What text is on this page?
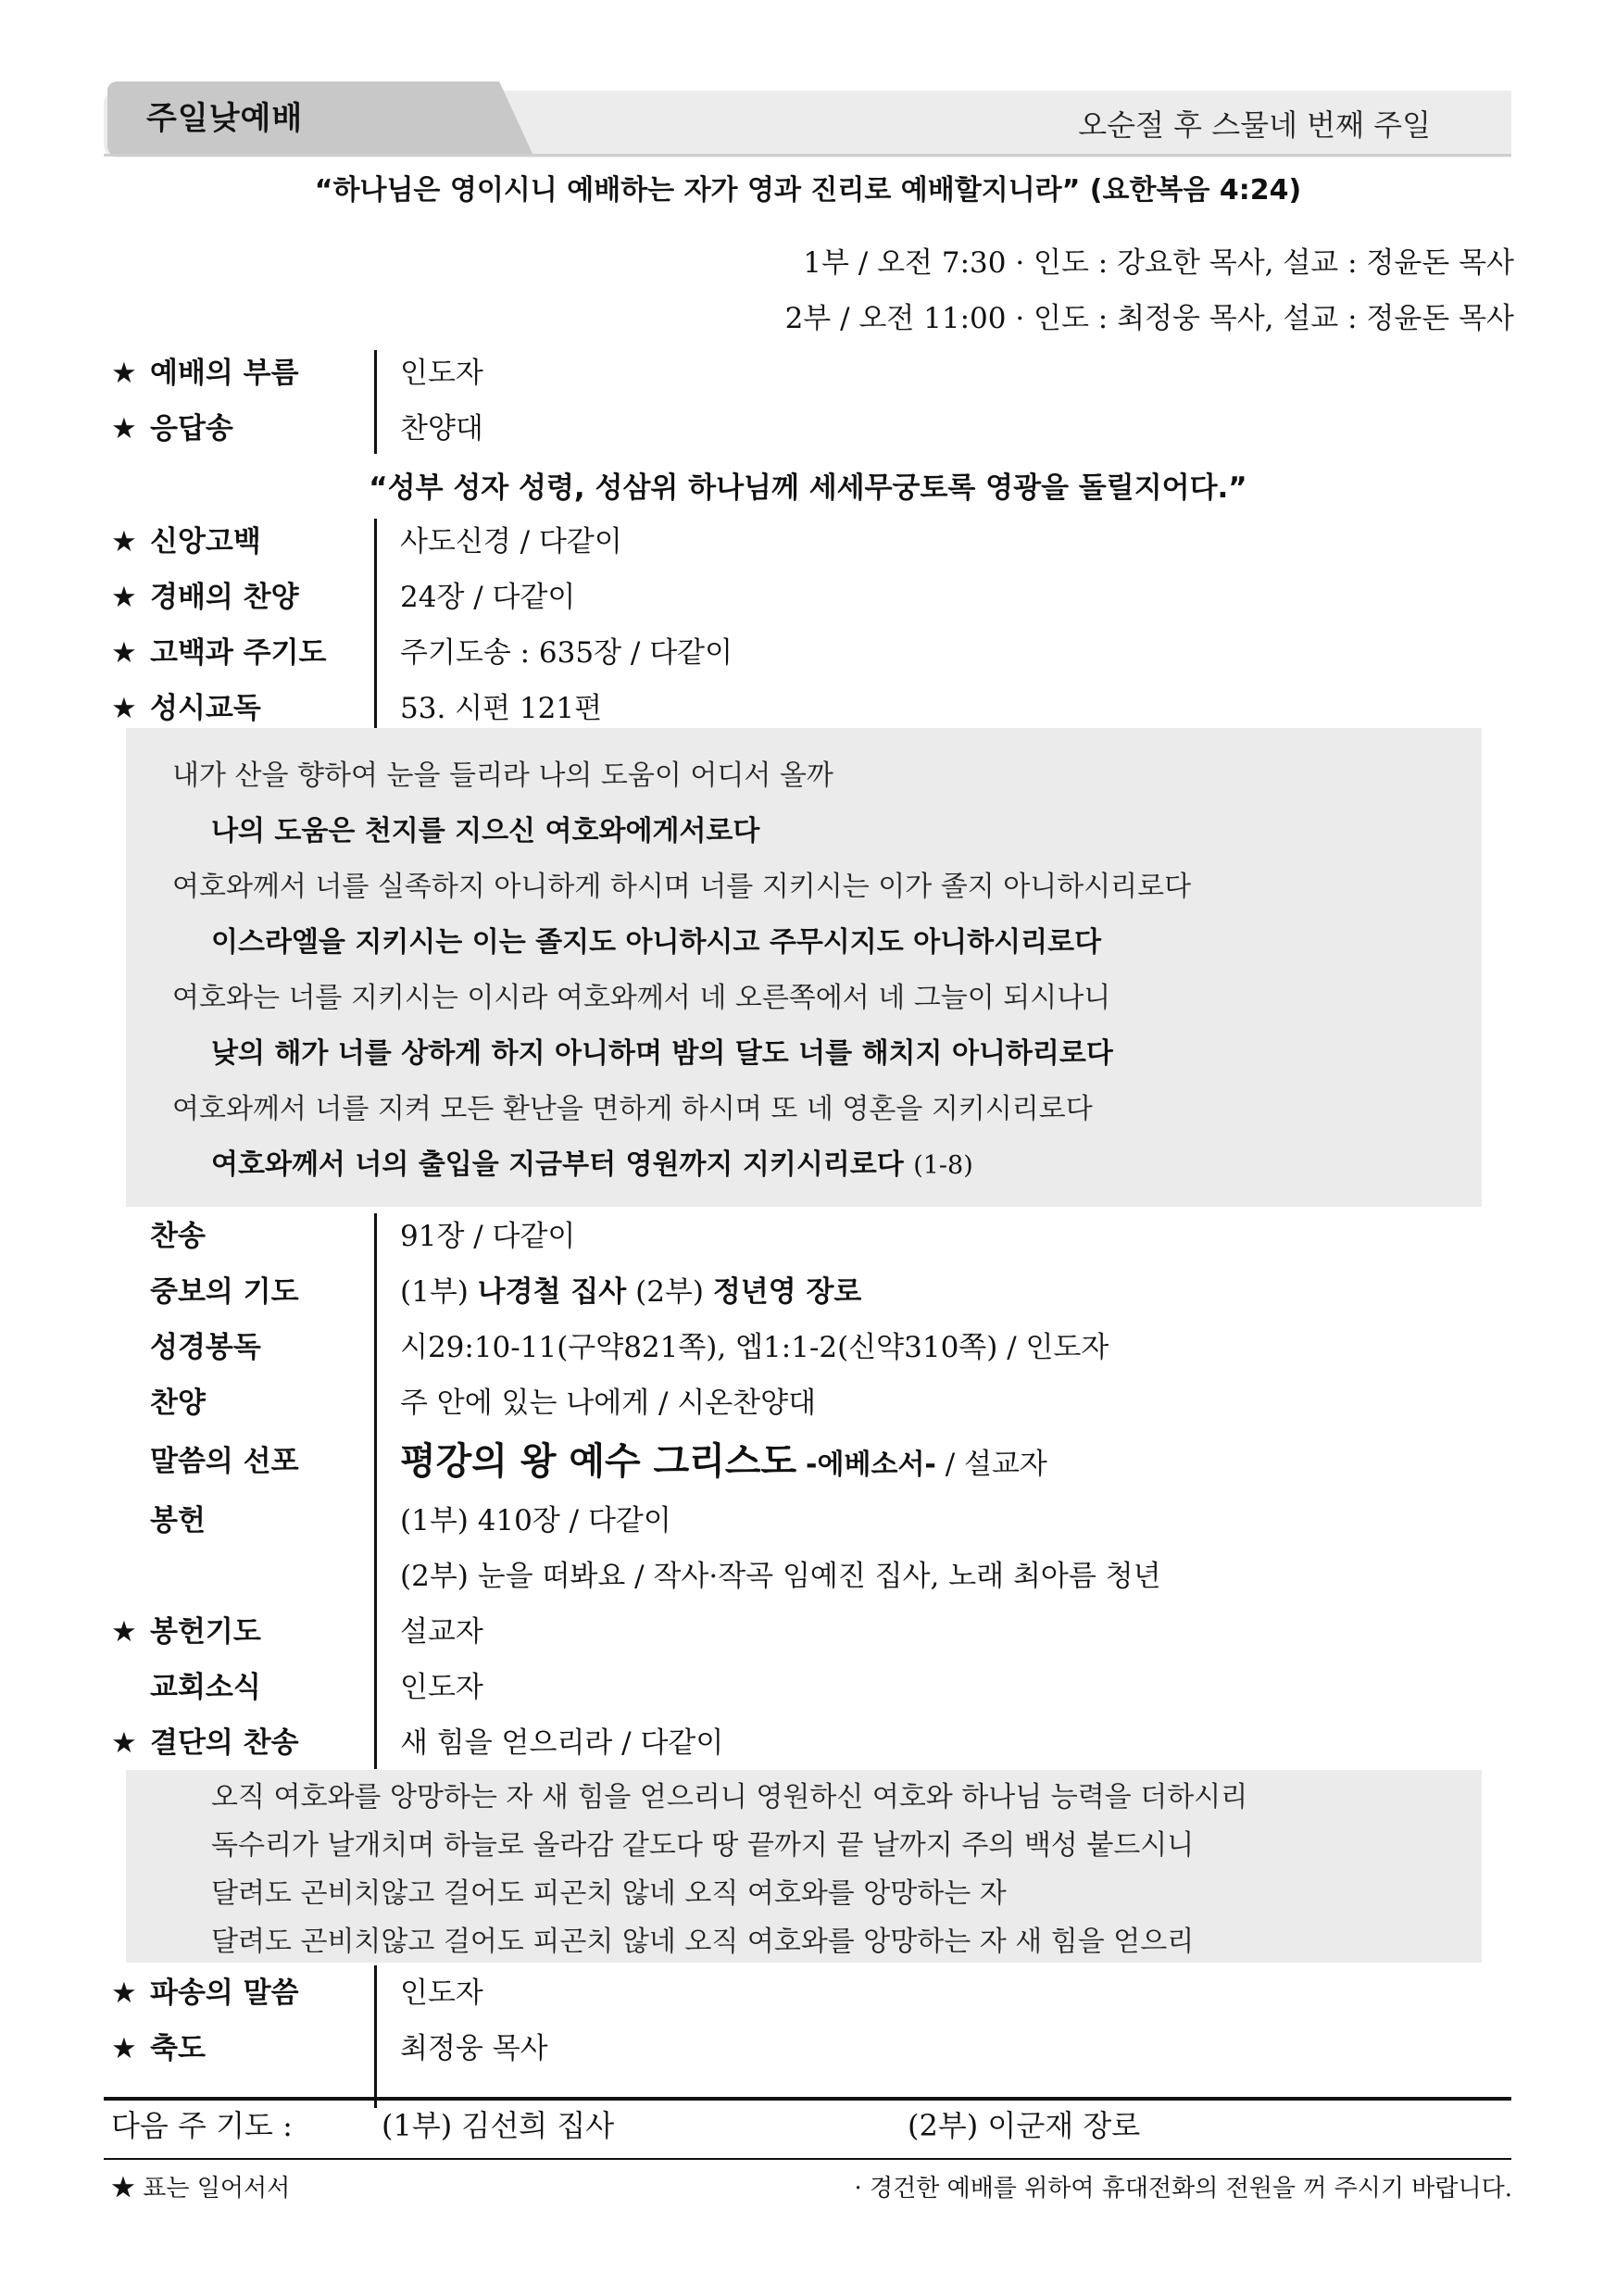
주일낮예배	오순절 후 스물네 번째 주일
“하나님은 영이시니 예배하는 자가 영과 진리로 예배할지니라” (요한복음 4:24)
1부 / 오전 7:30 · 인도 : 강요한 목사, 설교 : 정윤돈 목사
2부 / 오전 11:00 · 인도 : 최정웅 목사, 설교 : 정윤돈 목사
★ 예배의 부름	인도자
★ 응답송	찬양대
“성부 성자 성령, 성삼위 하나님께 세세무궁토록 영광을 돌릴지어다.”
★ 신앙고백	사도신경 / 다같이
★ 경배의 찬양	24장 / 다같이
★ 고백과 주기도	주기도송 : 635장 / 다같이
★ 성시교독	53. 시편 121편
내가 산을 향하여 눈을 들리라 나의 도움이 어디서 올까
나의 도움은 천지를 지으신 여호와에게서로다
여호와께서 너를 실족하지 아니하게 하시며 너를 지키시는 이가 졸지 아니하시리로다
이스라엘을 지키시는 이는 졸지도 아니하시고 주무시지도 아니하시리로다
여호와는 너를 지키시는 이시라 여호와께서 네 오른쪽에서 네 그늘이 되시나니
낮의 해가 너를 상하게 하지 아니하며 밤의 달도 너를 해치지 아니하리로다
여호와께서 너를 지켜 모든 환난을 면하게 하시며 또 네 영혼을 지키시리로다
여호와께서 너의 출입을 지금부터 영원까지 지키시리로다 (1-8)
찬송	91장 / 다같이
중보의 기도	(1부) 나경철 집사 (2부) 정년영 장로
성경봉독	시29:10-11(구약821쪽), 엡1:1-2(신약310쪽) / 인도자
찬양	주 안에 있는 나에게 / 시온찬양대
말씀의 선포	평강의 왕 예수 그리스도 -에베소서- / 설교자
봉헌	(1부) 410장 / 다같이
(2부) 눈을 떠봐요 / 작사·작곡 임예진 집사, 노래 최아름 청년
★ 봉헌기도	설교자
교회소식	인도자
★ 결단의 찬송	새 힘을 얻으리라 / 다같이
오직 여호와를 앙망하는 자 새 힘을 얻으리니 영원하신 여호와 하나님 능력을 더하시리
독수리가 날개치며 하늘로 올라감 같도다 땅 끝까지 끝 날까지 주의 백성 붙드시니
달려도 곤비치않고 걸어도 피곤치 않네 오직 여호와를 앙망하는 자
달려도 곤비치않고 걸어도 피곤치 않네 오직 여호와를 앙망하는 자 새 힘을 얻으리
★ 파송의 말씀	인도자
★ 축도	최정웅 목사
다음 주 기도 :	(1부) 김선희 집사	(2부) 이군재 장로
★ 표는 일어서서	· 경건한 예배를 위하여 휴대전화의 전원을 꺼 주시기 바랍니다.
